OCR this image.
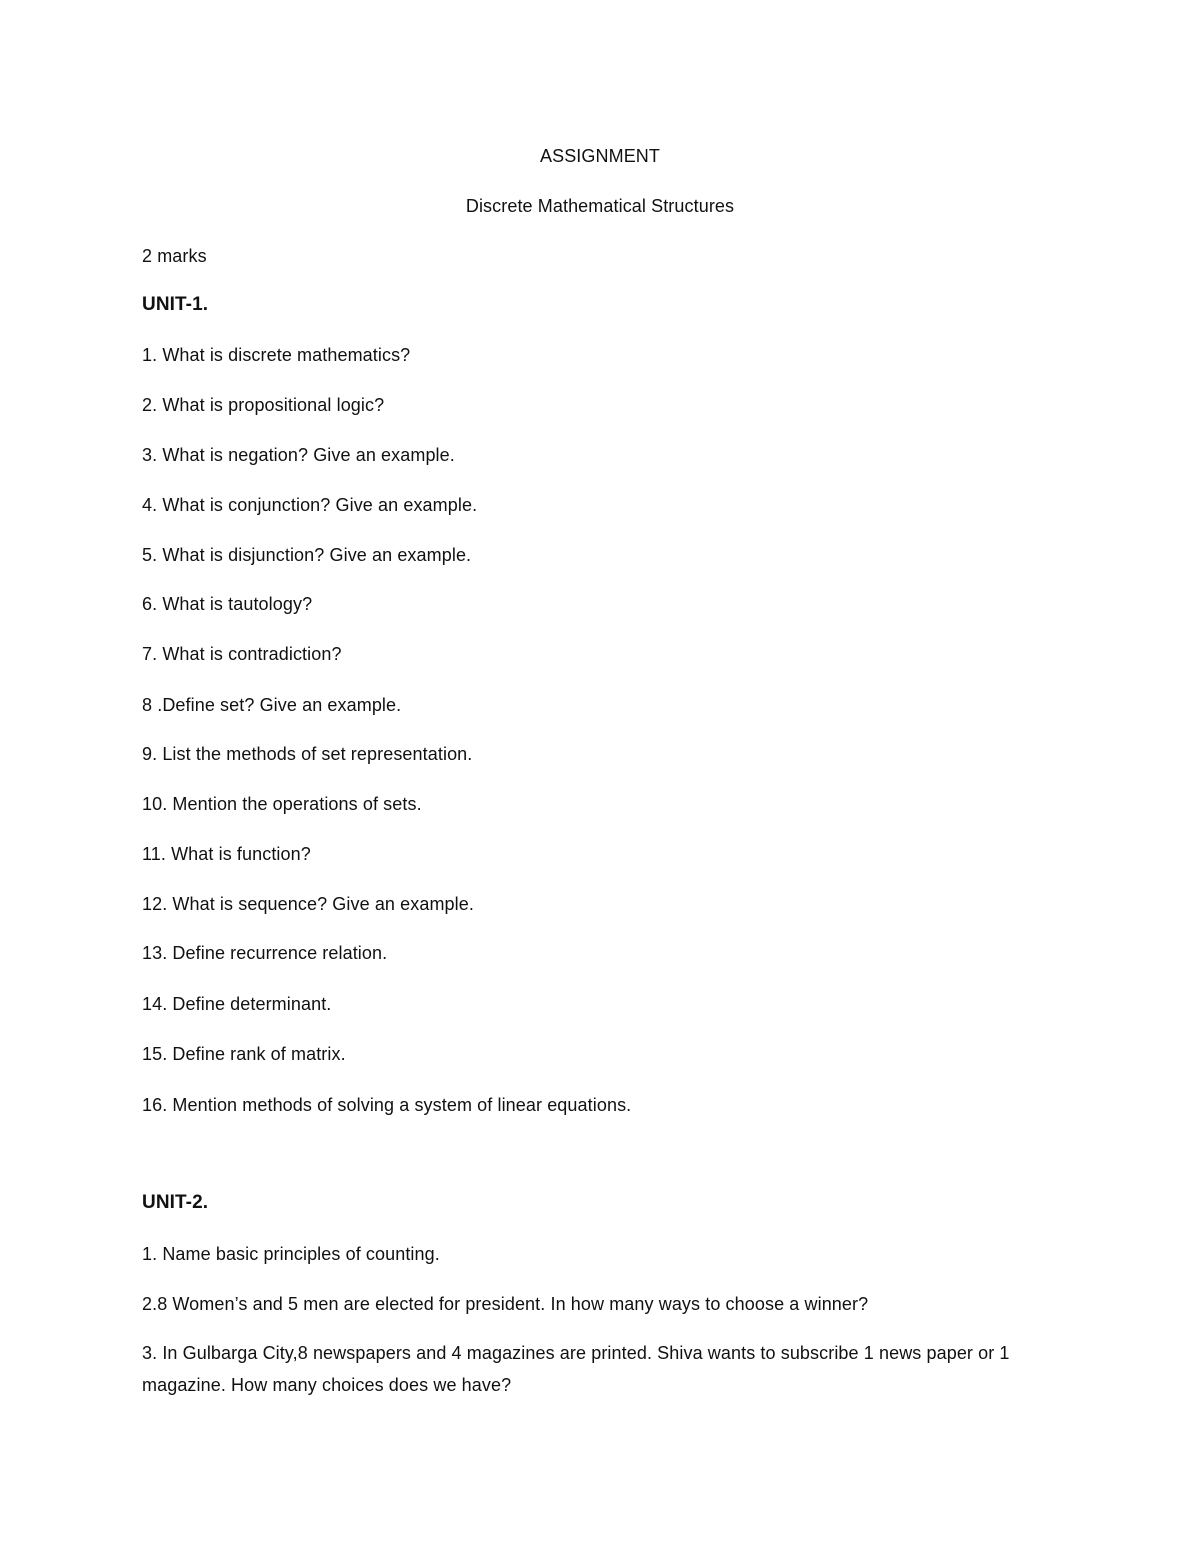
ASSIGNMENT
Discrete Mathematical Structures
2 marks
UNIT-1.
1. What is discrete mathematics?
2. What is propositional logic?
3. What is negation? Give an example.
4. What is conjunction? Give an example.
5. What is disjunction? Give an example.
6. What is tautology?
7. What is contradiction?
8 .Define set? Give an example.
9. List the methods of set representation.
10. Mention the operations of sets.
11. What is function?
12. What is sequence? Give an example.
13. Define recurrence relation.
14. Define determinant.
15. Define rank of matrix.
16. Mention methods of solving a system of linear equations.
UNIT-2.
1. Name basic principles of counting.
2.8 Women’s and 5 men are elected for president. In how many ways to choose a winner?
3. In Gulbarga City,8 newspapers and 4 magazines are printed. Shiva wants to subscribe 1 news paper or 1 magazine. How many choices does we have?
